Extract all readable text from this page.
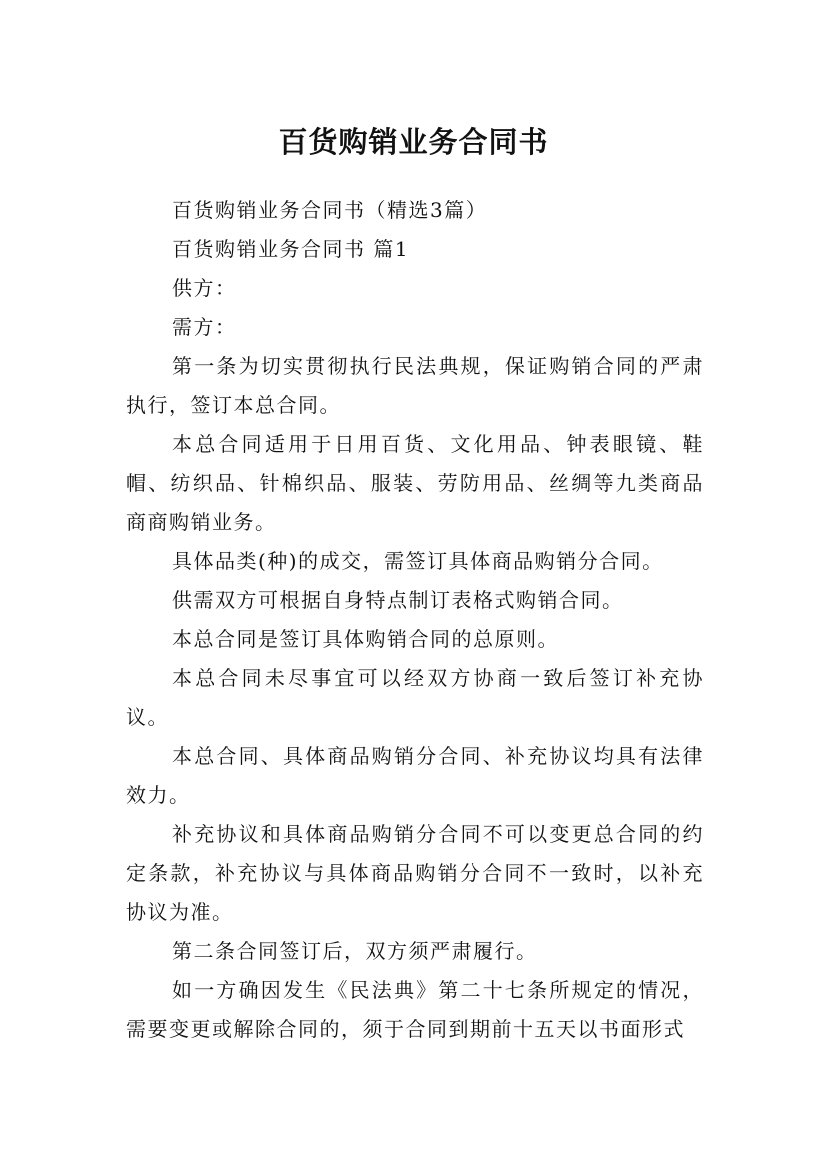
百货购销业务合同书

百货购销业务合同书（精选3篇）

百货购销业务合同书 篇1

供方：

需方：

第一条为切实贯彻执行民法典规，保证购销合同的严肃执行，签订本总合同。

本总合同适用于日用百货、文化用品、钟表眼镜、鞋帽、纺织品、针棉织品、服装、劳防用品、丝绸等九类商品商商购销业务。

具体品类(种)的成交，需签订具体商品购销分合同。

供需双方可根据自身特点制订表格式购销合同。

本总合同是签订具体购销合同的总原则。

本总合同未尽事宜可以经双方协商一致后签订补充协议。

本总合同、具体商品购销分合同、补充协议均具有法律效力。

补充协议和具体商品购销分合同不可以变更总合同的约定条款，补充协议与具体商品购销分合同不一致时，以补充协议为准。

第二条合同签订后，双方须严肃履行。

如一方确因发生《民法典》第二十七条所规定的情况，需要变更或解除合同的，须于合同到期前十五天以书面形式
